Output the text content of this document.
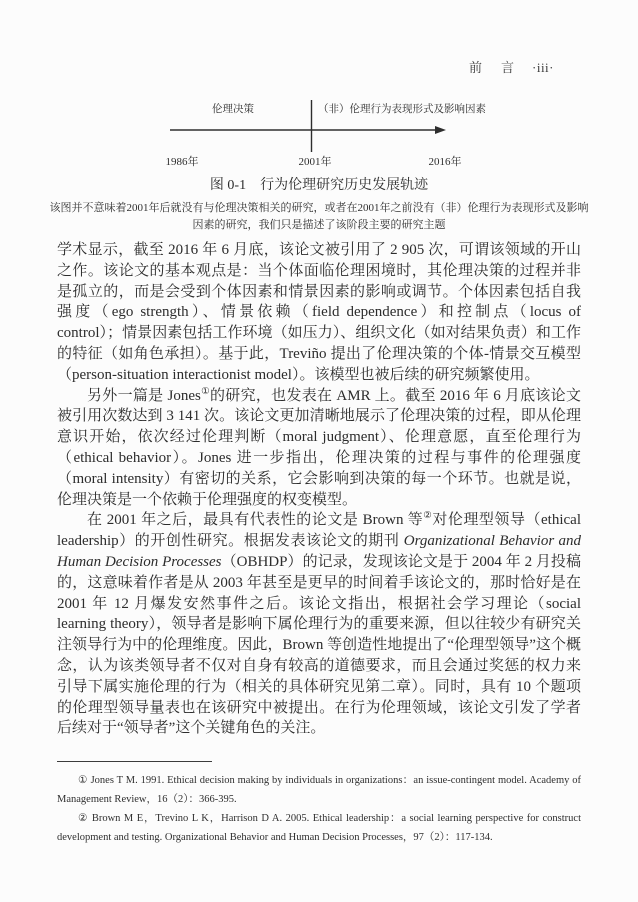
前　言 ·iii·
伦理决策	（非）伦理行为表现形式及影响因素
1986年	2001年	2016年
图 0-1　行为伦理研究历史发展轨迹
该图并不意味着2001年后就没有与伦理决策相关的研究，或者在2001年之前没有（非）伦理行为表现形式及影响
因素的研究，我们只是描述了该阶段主要的研究主题

学术显示，截至 2016 年 6 月底，该论文被引用了 2 905 次，可谓该领域的开山之作。该论文的基本观点是：当个体面临伦理困境时，其伦理决策的过程并非是孤立的，而是会受到个体因素和情景因素的影响或调节。个体因素包括自我强度（ego strength）、情景依赖（field dependence）和控制点（locus of control）；情景因素包括工作环境（如压力）、组织文化（如对结果负责）和工作的特征（如角色承担）。基于此，Treviño 提出了伦理决策的个体-情景交互模型（person-situation interactionist model）。该模型也被后续的研究频繁使用。

另外一篇是 Jones①的研究，也发表在 AMR 上。截至 2016 年 6 月底该论文被引用次数达到 3 141 次。该论文更加清晰地展示了伦理决策的过程，即从伦理意识开始，依次经过伦理判断（moral judgment）、伦理意愿，直至伦理行为（ethical behavior）。Jones 进一步指出，伦理决策的过程与事件的伦理强度（moral intensity）有密切的关系，它会影响到决策的每一个环节。也就是说，伦理决策是一个依赖于伦理强度的权变模型。

在 2001 年之后，最具有代表性的论文是 Brown 等②对伦理型领导（ethical leadership）的开创性研究。根据发表该论文的期刊 Organizational Behavior and Human Decision Processes（OBHDP）的记录，发现该论文是于 2004 年 2 月投稿的，这意味着作者是从 2003 年甚至是更早的时间着手该论文的，那时恰好是在 2001 年 12 月爆发安然事件之后。该论文指出，根据社会学习理论（social learning theory），领导者是影响下属伦理行为的重要来源，但以往较少有研究关注领导行为中的伦理维度。因此，Brown 等创造性地提出了“伦理型领导”这个概念，认为该类领导者不仅对自身有较高的道德要求，而且会通过奖惩的权力来引导下属实施伦理的行为（相关的具体研究见第二章）。同时，具有 10 个题项的伦理型领导量表也在该研究中被提出。在行为伦理领域，该论文引发了学者后续对于“领导者”这个关键角色的关注。

① Jones T M. 1991. Ethical decision making by individuals in organizations：an issue-contingent model. Academy of Management Review，16（2）：366-395.

② Brown M E，Trevino L K，Harrison D A. 2005. Ethical leadership：a social learning perspective for construct development and testing. Organizational Behavior and Human Decision Processes，97（2）：117-134.
